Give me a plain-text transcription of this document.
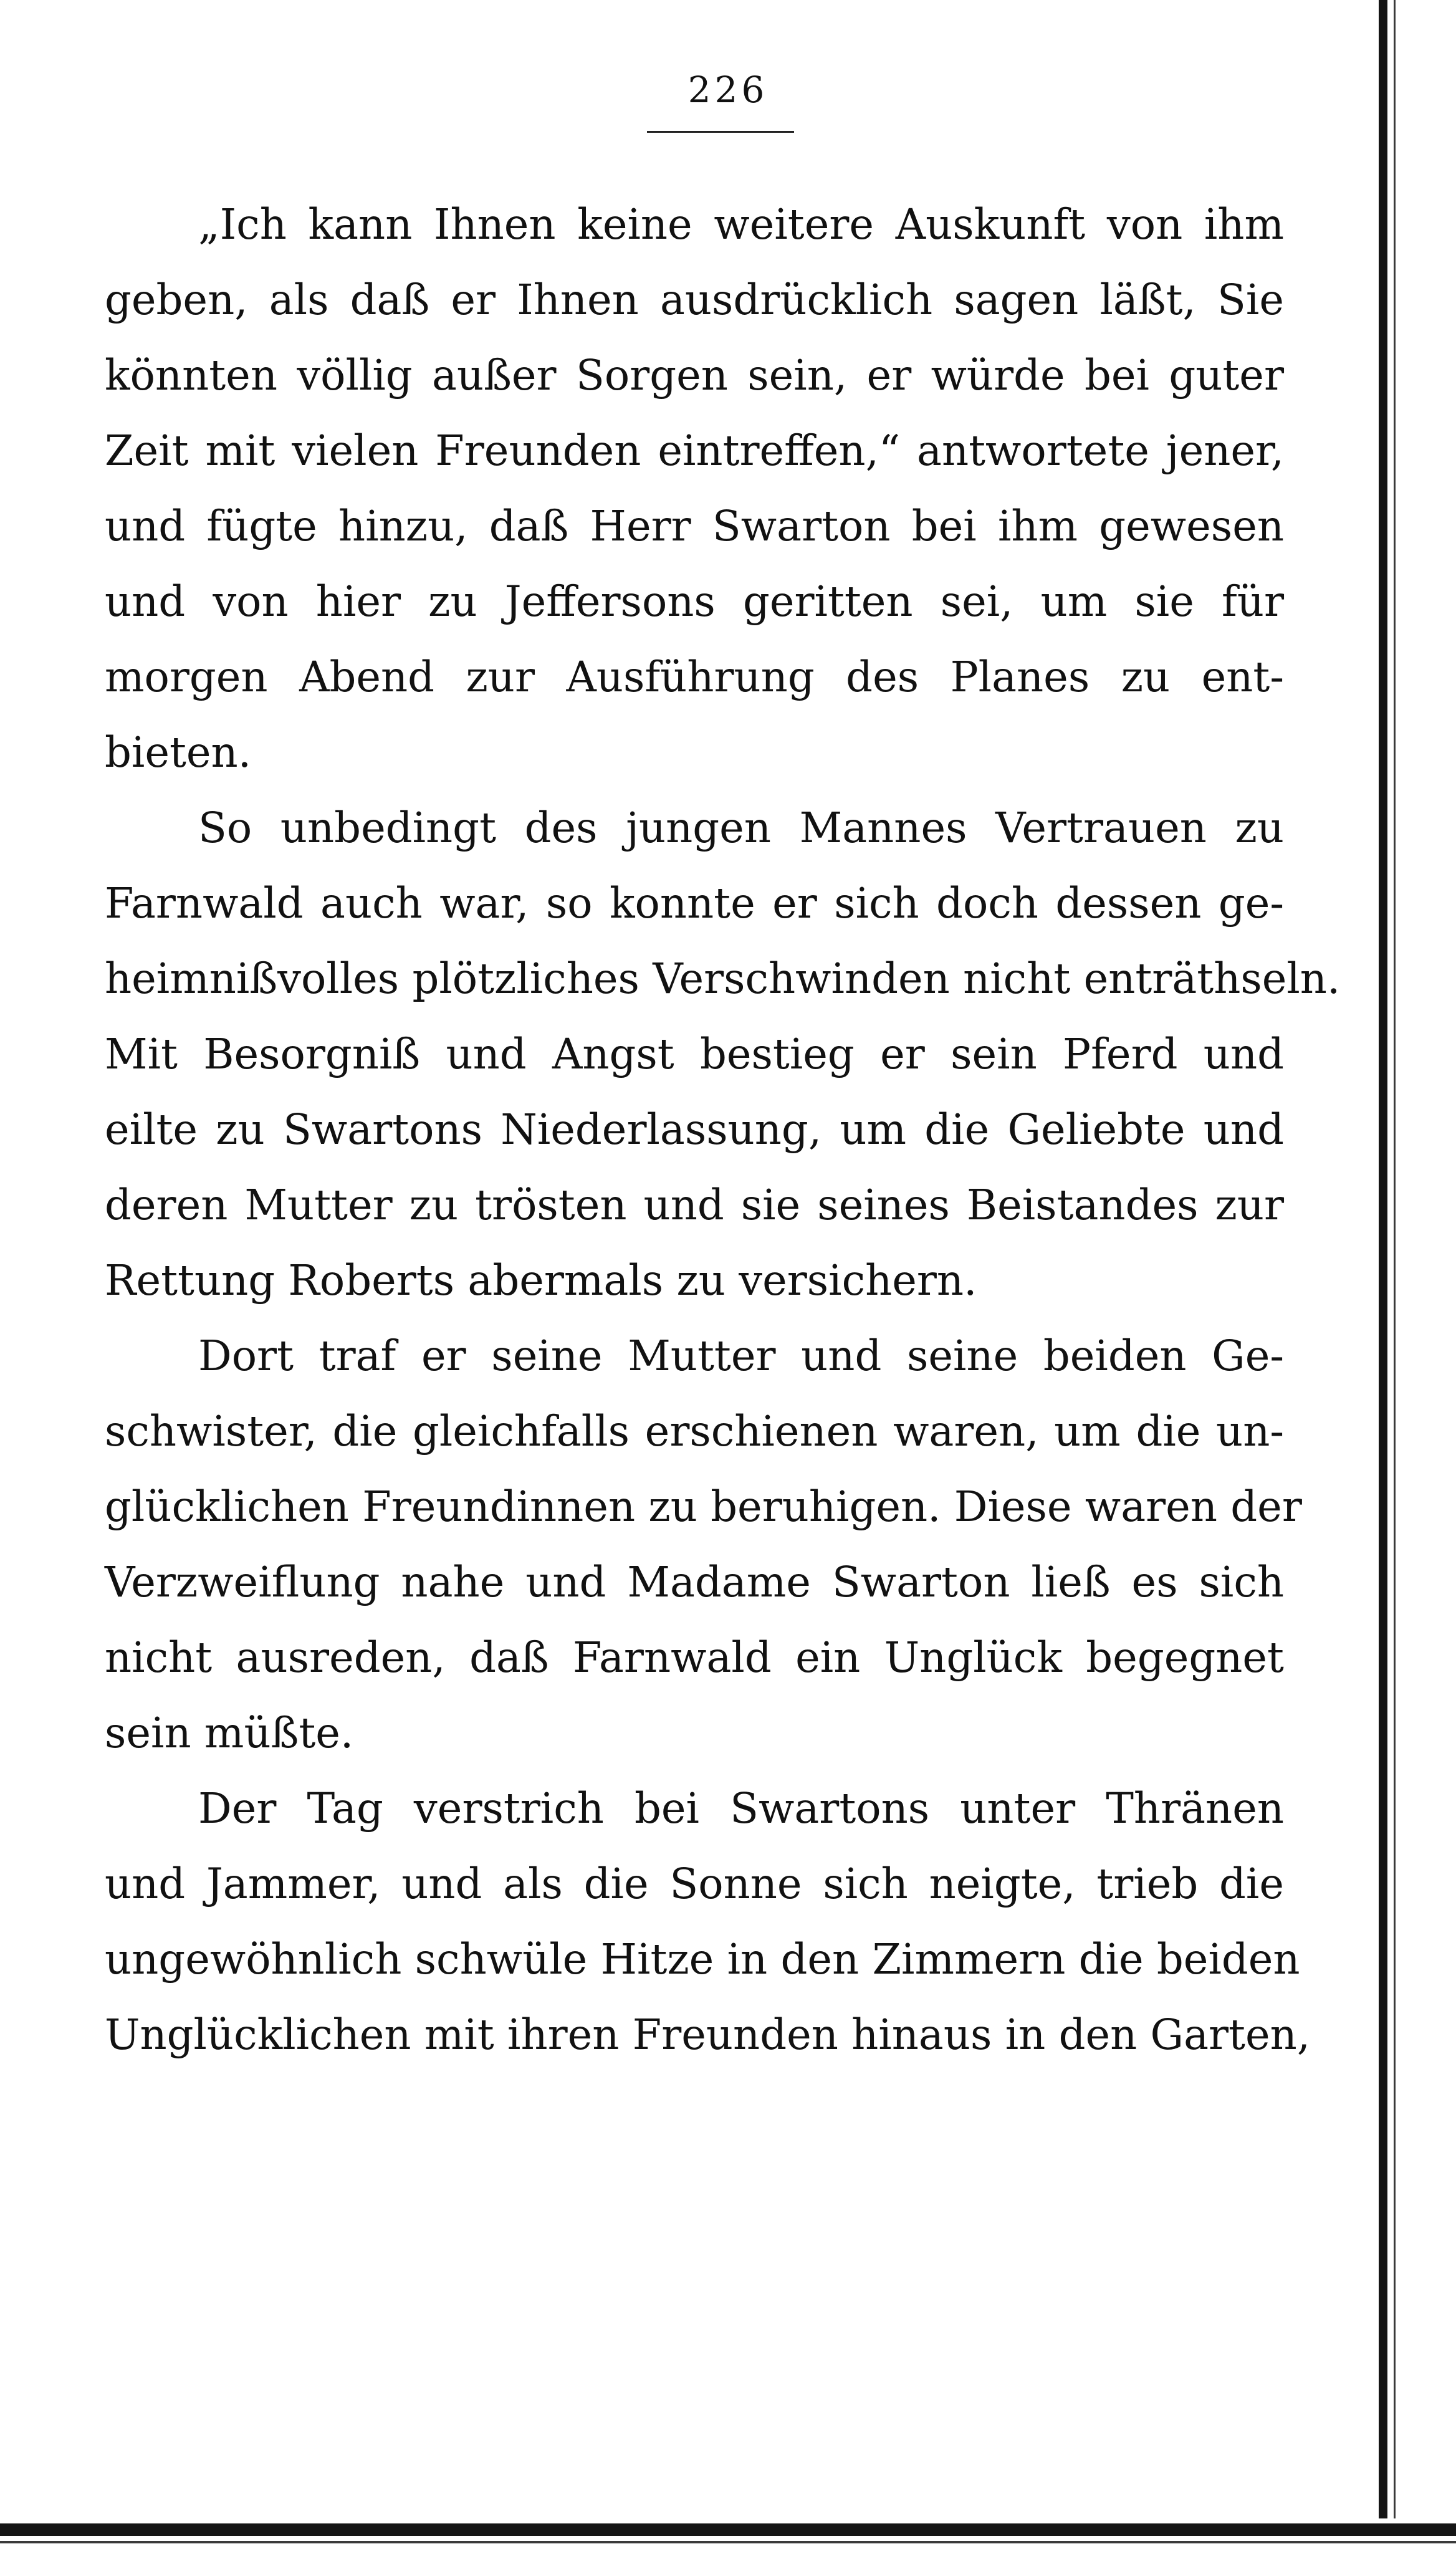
226
„Ich kann Ihnen keine weitere Auskunft von ihm
geben, als daß er Ihnen ausdrücklich sagen läßt, Sie
könnten völlig außer Sorgen sein, er würde bei guter
Zeit mit vielen Freunden eintreffen,“ antwortete jener,
und fügte hinzu, daß Herr Swarton bei ihm gewesen
und von hier zu Jeffersons geritten sei, um sie für
morgen Abend zur Ausführung des Planes zu ent-
bieten.
So unbedingt des jungen Mannes Vertrauen zu
Farnwald auch war, so konnte er sich doch dessen ge-
heimnißvolles plötzliches Verschwinden nicht enträthseln.
Mit Besorgniß und Angst bestieg er sein Pferd und
eilte zu Swartons Niederlassung, um die Geliebte und
deren Mutter zu trösten und sie seines Beistandes zur
Rettung Roberts abermals zu versichern.
Dort traf er seine Mutter und seine beiden Ge-
schwister, die gleichfalls erschienen waren, um die un-
glücklichen Freundinnen zu beruhigen. Diese waren der
Verzweiflung nahe und Madame Swarton ließ es sich
nicht ausreden, daß Farnwald ein Unglück begegnet
sein müßte.
Der Tag verstrich bei Swartons unter Thränen
und Jammer, und als die Sonne sich neigte, trieb die
ungewöhnlich schwüle Hitze in den Zimmern die beiden
Unglücklichen mit ihren Freunden hinaus in den Garten,
